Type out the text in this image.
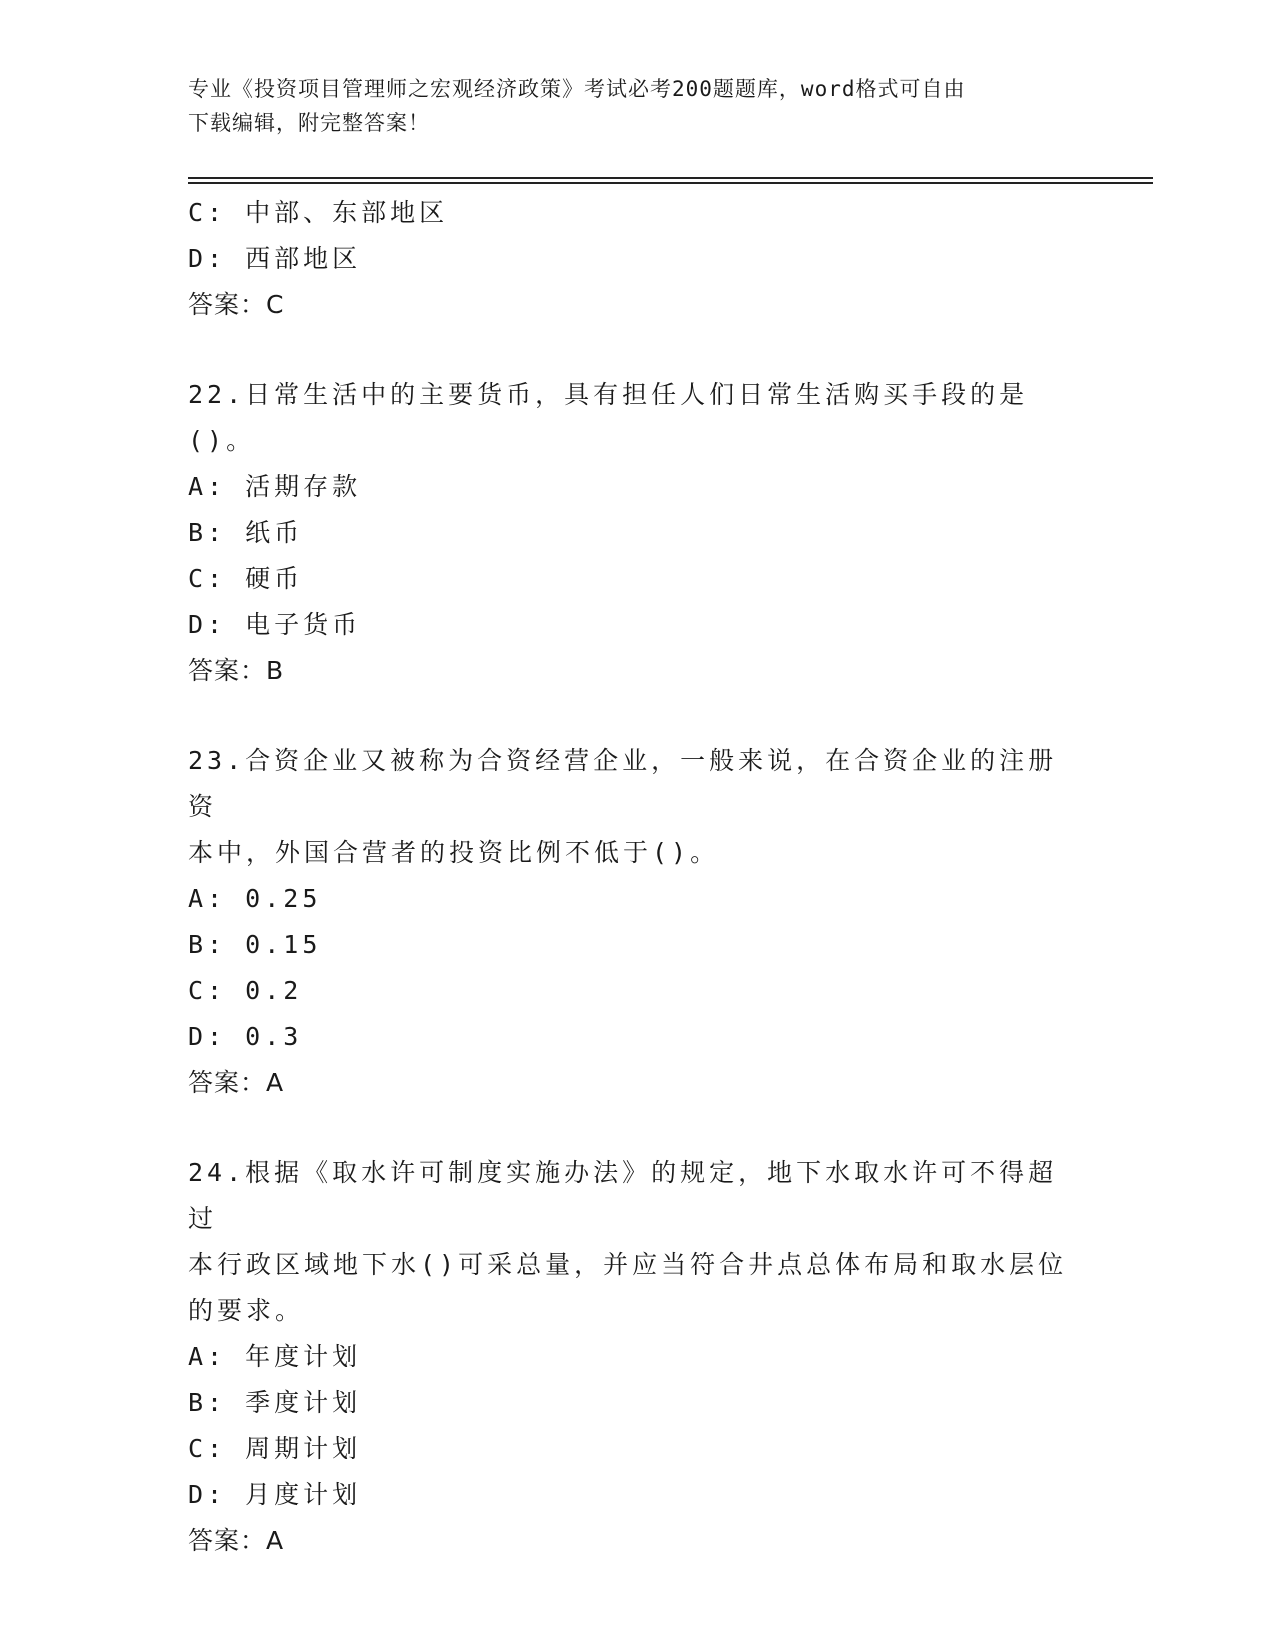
专业《投资项目管理师之宏观经济政策》考试必考200题题库，word格式可自由
下载编辑，附完整答案！
C: 中部、东部地区
D: 西部地区
答案：C
22.日常生活中的主要货币，具有担任人们日常生活购买手段的是()。
A: 活期存款
B: 纸币
C: 硬币
D: 电子货币
答案：B
23.合资企业又被称为合资经营企业，一般来说，在合资企业的注册资
本中，外国合营者的投资比例不低于()。
A: 0.25
B: 0.15
C: 0.2
D: 0.3
答案：A
24.根据《取水许可制度实施办法》的规定，地下水取水许可不得超过
本行政区域地下水()可采总量，并应当符合井点总体布局和取水层位
的要求。
A: 年度计划
B: 季度计划
C: 周期计划
D: 月度计划
答案：A
